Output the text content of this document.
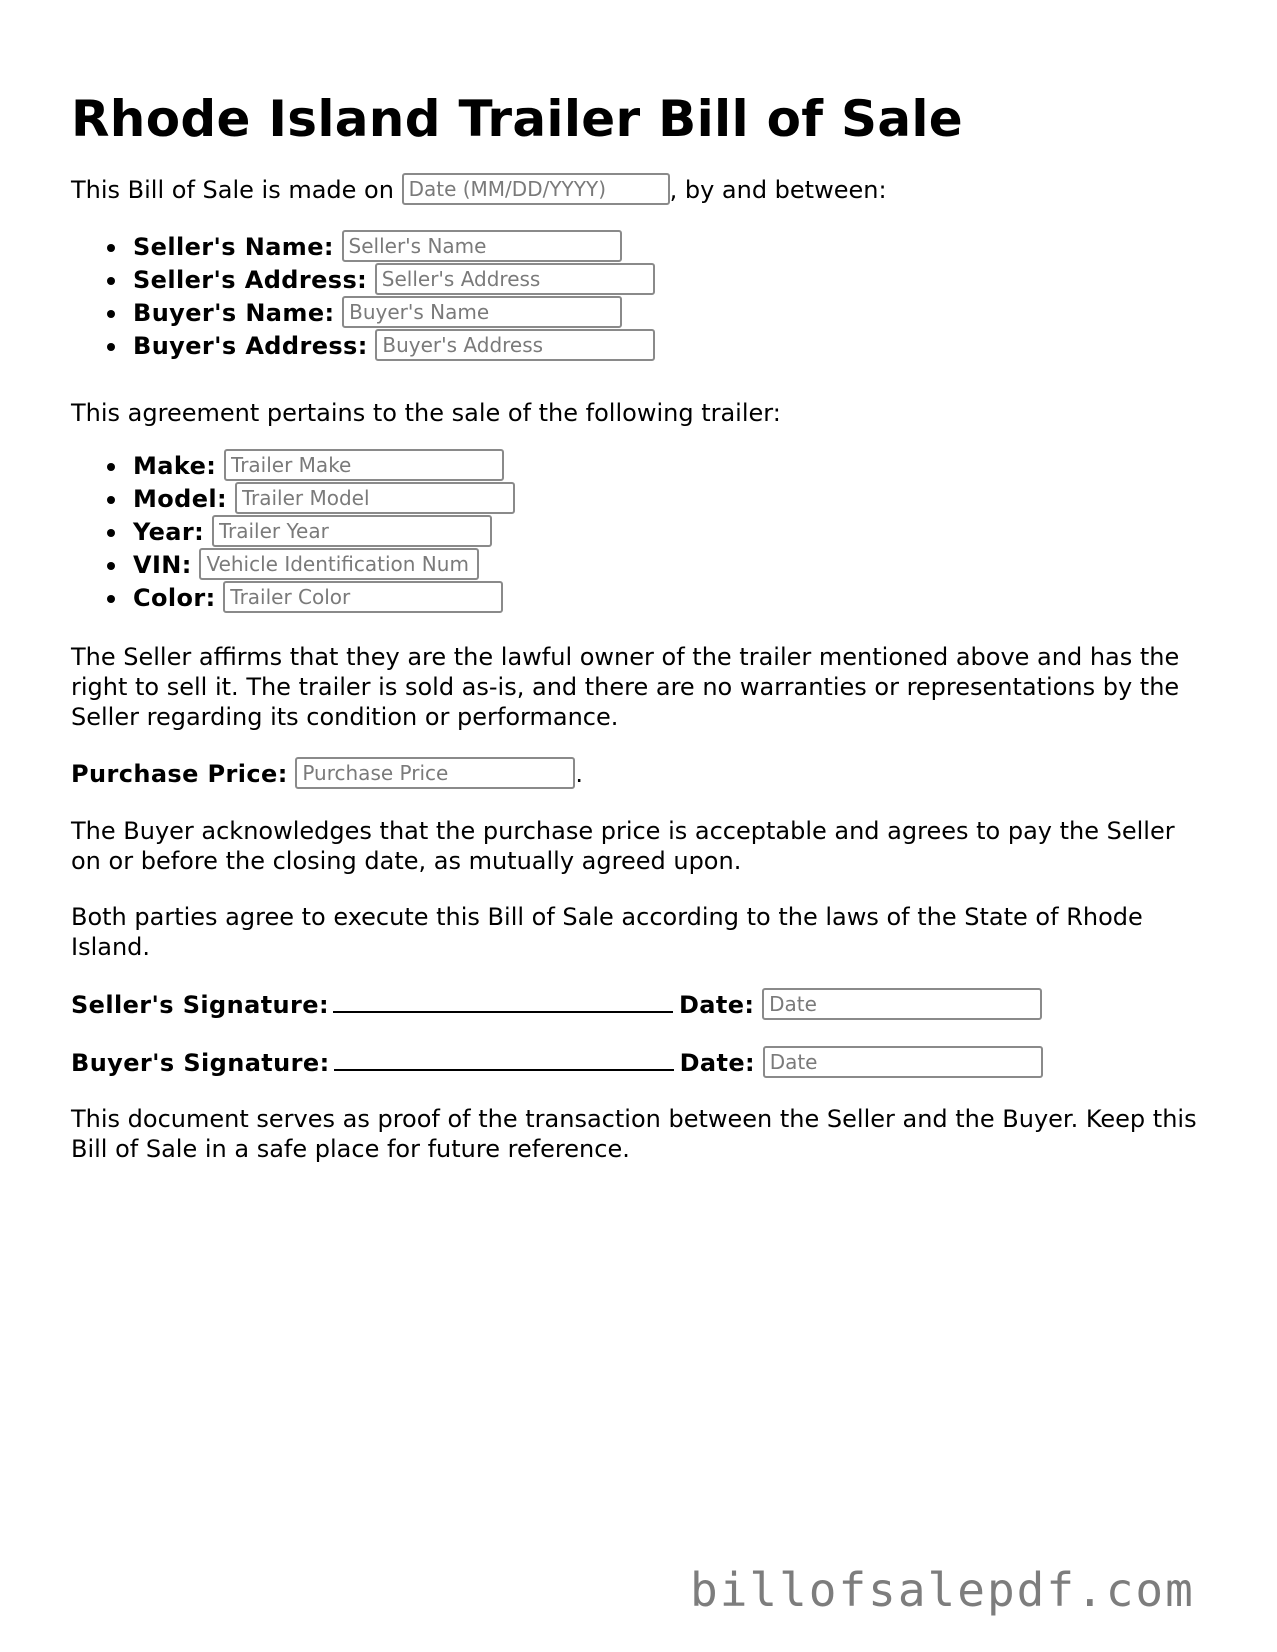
Rhode Island Trailer Bill of Sale
This Bill of Sale is made on Date (MM/DD/YYYY)	, by and between:
Seller's Name: Seller's Name
Seller's Address: Seller's Address
Buyer's Name: Buyer's Name
Buyer's Address: Buyer's Address
This agreement pertains to the sale of the following trailer:
Make: Trailer Make
Model: Trailer Model
Year: Trailer Year
VIN: Vehicle Identification Num
Color: Trailer Color
The Seller affirms that they are the lawful owner of the trailer mentioned above and has the right to sell it. The trailer is sold as-is, and there are no warranties or representations by the Seller regarding its condition or performance.
Purchase Price: Purchase Price	.
The Buyer acknowledges that the purchase price is acceptable and agrees to pay the Seller on or before the closing date, as mutually agreed upon.
Both parties agree to execute this Bill of Sale according to the laws of the State of Rhode Island.
Seller's Signature:	Date: Date
Buyer's Signature:	Date: Date
This document serves as proof of the transaction between the Seller and the Buyer. Keep this Bill of Sale in a safe place for future reference.
billofsalepdf.com
